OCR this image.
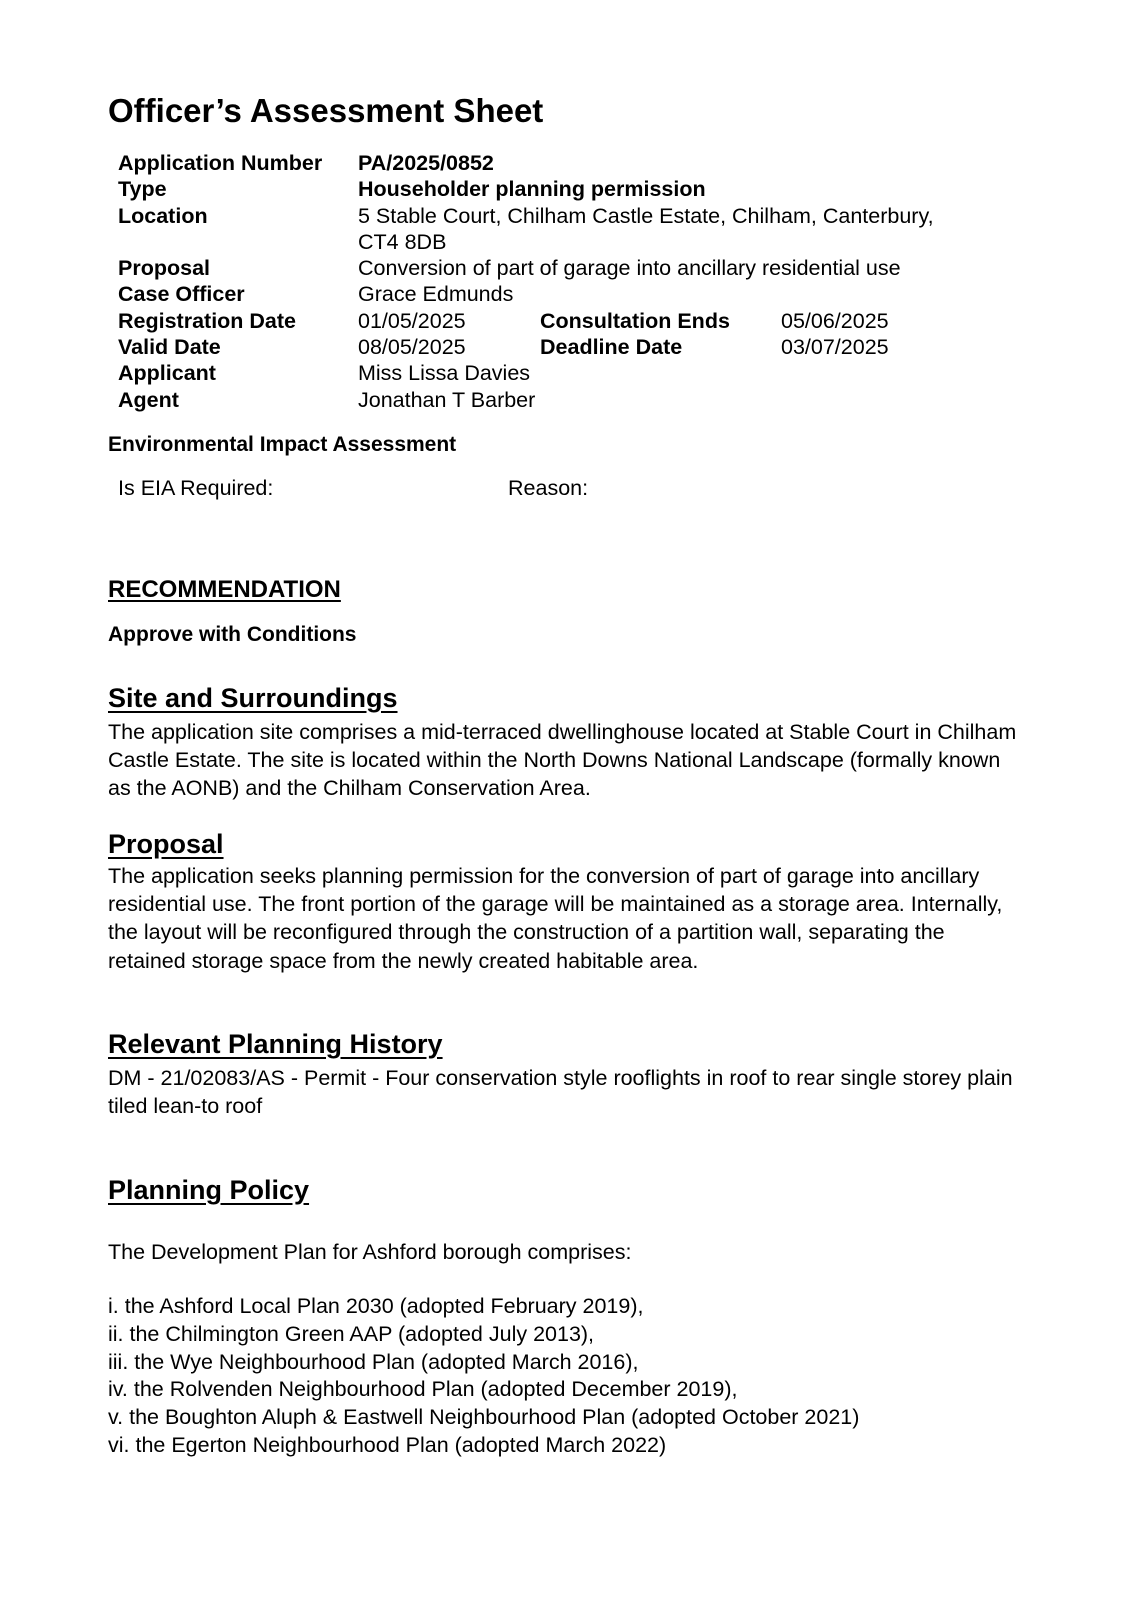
Officer’s Assessment Sheet
Application Number	PA/2025/0852
Type	Householder planning permission
Location	5 Stable Court, Chilham Castle Estate, Chilham, Canterbury, CT4 8DB
Proposal	Conversion of part of garage into ancillary residential use
Case Officer	Grace Edmunds
Registration Date	01/05/2025	Consultation Ends	05/06/2025
Valid Date	08/05/2025	Deadline Date	03/07/2025
Applicant	Miss Lissa Davies
Agent	Jonathan T Barber
Environmental Impact Assessment
Is EIA Required:	Reason:
RECOMMENDATION
Approve with Conditions
Site and Surroundings

The application site comprises a mid-terraced dwellinghouse located at Stable Court in Chilham Castle Estate. The site is located within the North Downs National Landscape (formally known as the AONB) and the Chilham Conservation Area.

Proposal

The application seeks planning permission for the conversion of part of garage into ancillary residential use. The front portion of the garage will be maintained as a storage area. Internally, the layout will be reconfigured through the construction of a partition wall, separating the retained storage space from the newly created habitable area.

Relevant Planning History

DM - 21/02083/AS - Permit - Four conservation style rooflights in roof to rear single storey plain tiled lean-to roof

Planning Policy

The Development Plan for Ashford borough comprises:

i. the Ashford Local Plan 2030 (adopted February 2019),
ii. the Chilmington Green AAP (adopted July 2013),
iii. the Wye Neighbourhood Plan (adopted March 2016),
iv. the Rolvenden Neighbourhood Plan (adopted December 2019),
v. the Boughton Aluph & Eastwell Neighbourhood Plan (adopted October 2021)
vi. the Egerton Neighbourhood Plan (adopted March 2022)
